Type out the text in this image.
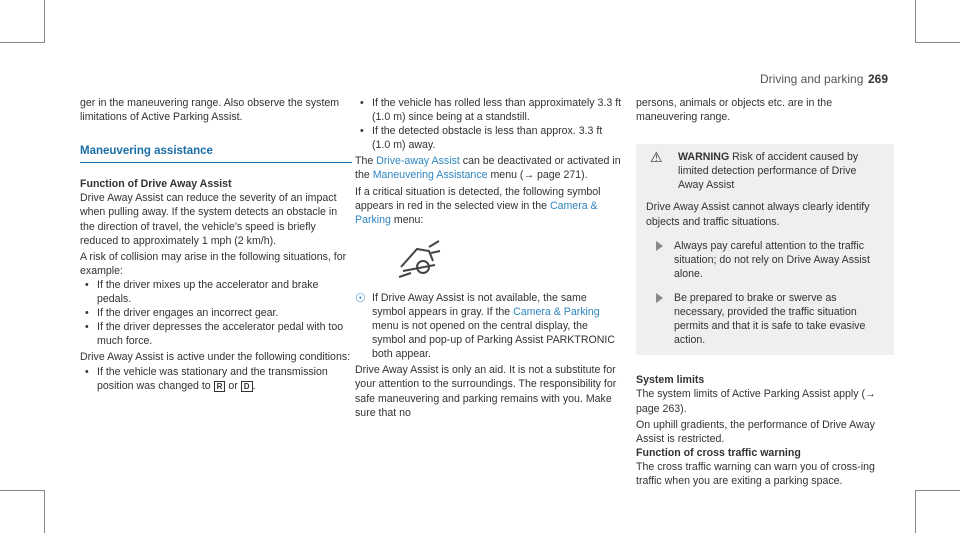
Driving and parking 269

ger in the maneuvering range. Also observe the system limitations of Active Parking Assist.

Maneuvering assistance

Function of Drive Away Assist

Drive Away Assist can reduce the severity of an impact when pulling away. If the system detects an obstacle in the direction of travel, the vehicle's speed is briefly reduced to approximately 1 mph (2 km/h).

A risk of collision may arise in the following situations, for example:

• If the driver mixes up the accelerator and brake pedals.
• If the driver engages an incorrect gear.
• If the driver depresses the accelerator pedal with too much force.

Drive Away Assist is active under the following conditions:

• If the vehicle was stationary and the transmission position was changed to R or D .
• If the vehicle has rolled less than approximately 3.3 ft (1.0 m) since being at a standstill.
• If the detected obstacle is less than approx. 3.3 ft (1.0 m) away.

The Drive-away Assist can be deactivated or activated in the Maneuvering Assistance menu (→ page 271).

If a critical situation is detected, the following symbol appears in red in the selected view in the Camera & Parking menu:

☉ If Drive Away Assist is not available, the same symbol appears in gray. If the Camera & Parking menu is not opened on the central display, the symbol and pop-up of Parking Assist PARKTRONIC both appear.

Drive Away Assist is only an aid. It is not a substitute for your attention to the surroundings. The responsibility for safe maneuvering and parking remains with you. Make sure that no

persons, animals or objects etc. are in the maneuvering range.

⚠ WARNING Risk of accident caused by limited detection performance of Drive Away Assist

Drive Away Assist cannot always clearly identify objects and traffic situations.

Always pay careful attention to the traffic situation; do not rely on Drive Away Assist alone.

Be prepared to brake or swerve as necessary, provided the traffic situation permits and that it is safe to take evasive action.

System limits

The system limits of Active Parking Assist apply (→ page 263).

On uphill gradients, the performance of Drive Away Assist is restricted.

Function of cross traffic warning

The cross traffic warning can warn you of cross-ing traffic when you are exiting a parking space.
